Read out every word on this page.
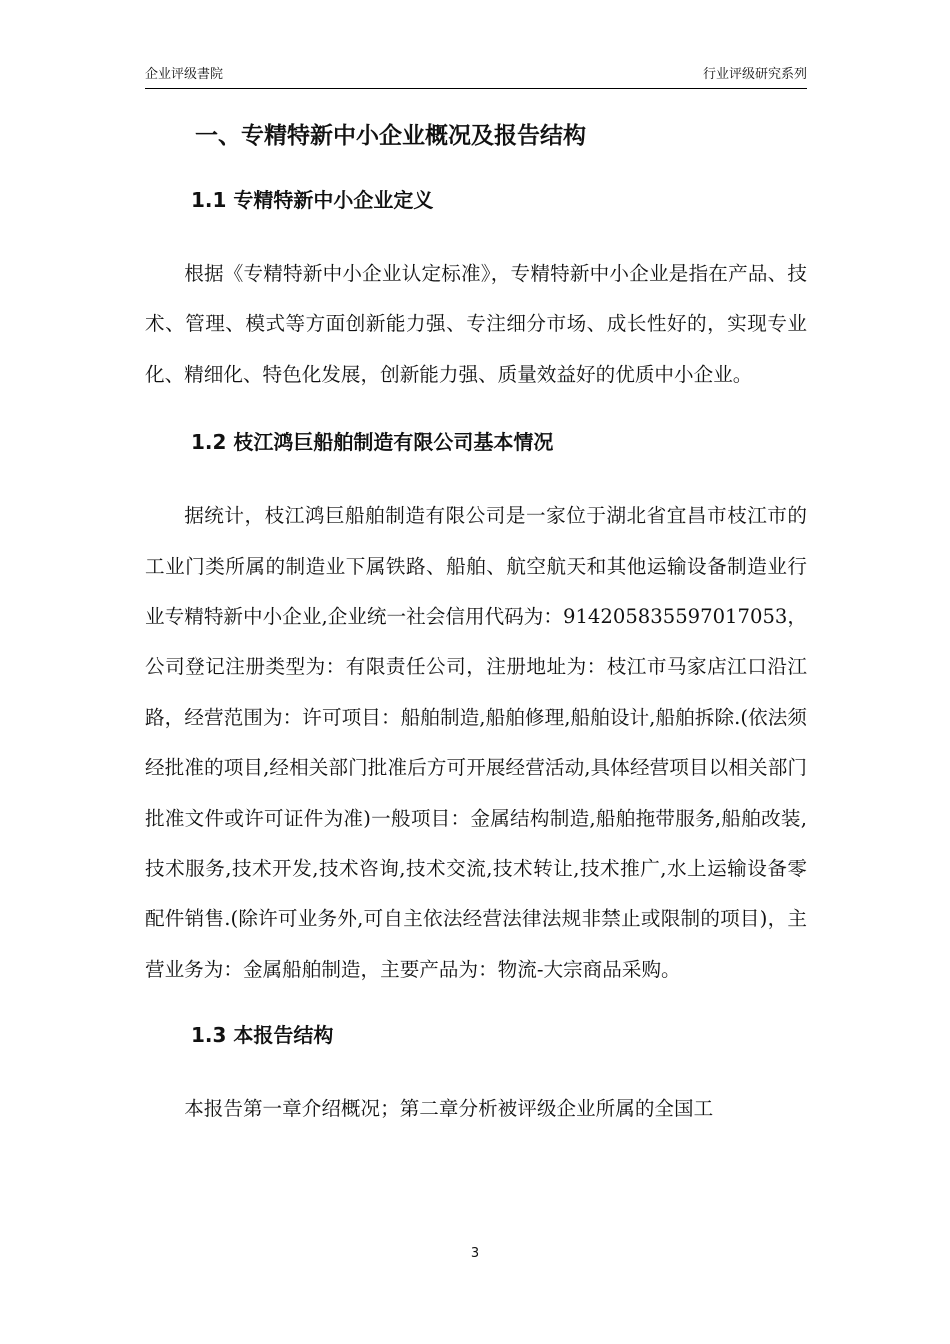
企业评级書院	行业评级研究系列
一、专精特新中小企业概况及报告结构
1.1 专精特新中小企业定义

根据《专精特新中小企业认定标准》，专精特新中小企业是指在产品、技术、管理、模式等方面创新能力强、专注细分市场、成长性好的，实现专业化、精细化、特色化发展，创新能力强、质量效益好的优质中小企业。

1.2 枝江鸿巨船舶制造有限公司基本情况

据统计，枝江鸿巨船舶制造有限公司是一家位于湖北省宜昌市枝江市的工业门类所属的制造业下属铁路、船舶、航空航天和其他运输设备制造业行业专精特新中小企业,企业统一社会信用代码为：914205835597017053，公司登记注册类型为：有限责任公司，注册地址为：枝江市马家店江口沿江路，经营范围为：许可项目：船舶制造,船舶修理,船舶设计,船舶拆除.(依法须经批准的项目,经相关部门批准后方可开展经营活动,具体经营项目以相关部门批准文件或许可证件为准)一般项目：金属结构制造,船舶拖带服务,船舶改装,技术服务,技术开发,技术咨询,技术交流,技术转让,技术推广,水上运输设备零配件销售.(除许可业务外,可自主依法经营法律法规非禁止或限制的项目)，主营业务为：金属船舶制造，主要产品为：物流-大宗商品采购。

1.3 本报告结构

本报告第一章介绍概况；第二章分析被评级企业所属的全国工

3
